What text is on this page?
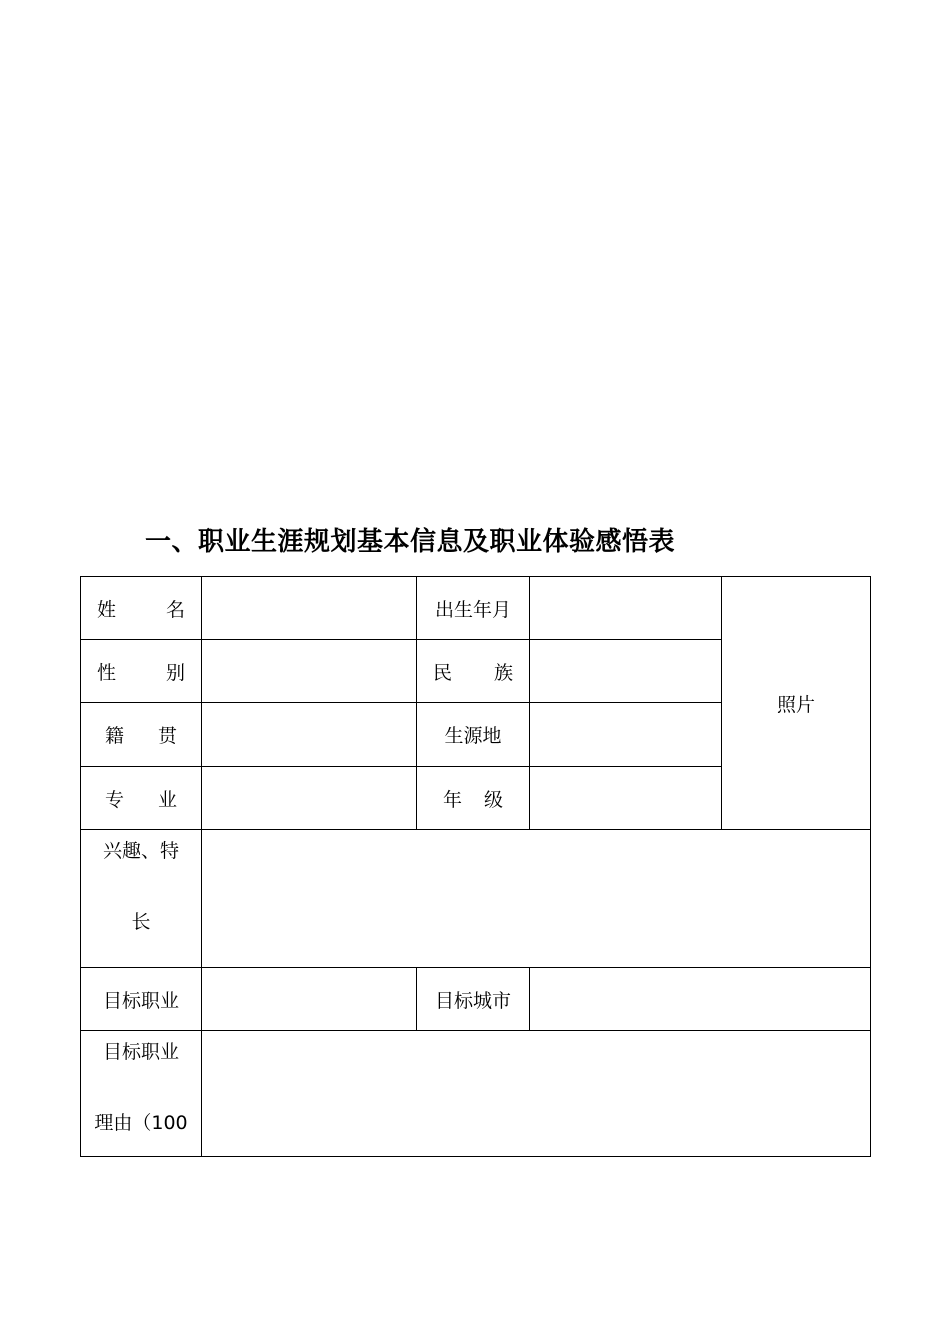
一、职业生涯规划基本信息及职业体验感悟表
姓 名		出生年月		照片

性 别		民 族		

籍 贯		生源地		

专 业		年 级		

兴趣、特
长				

目标职业		目标城市		

目标职业
理由（100				
